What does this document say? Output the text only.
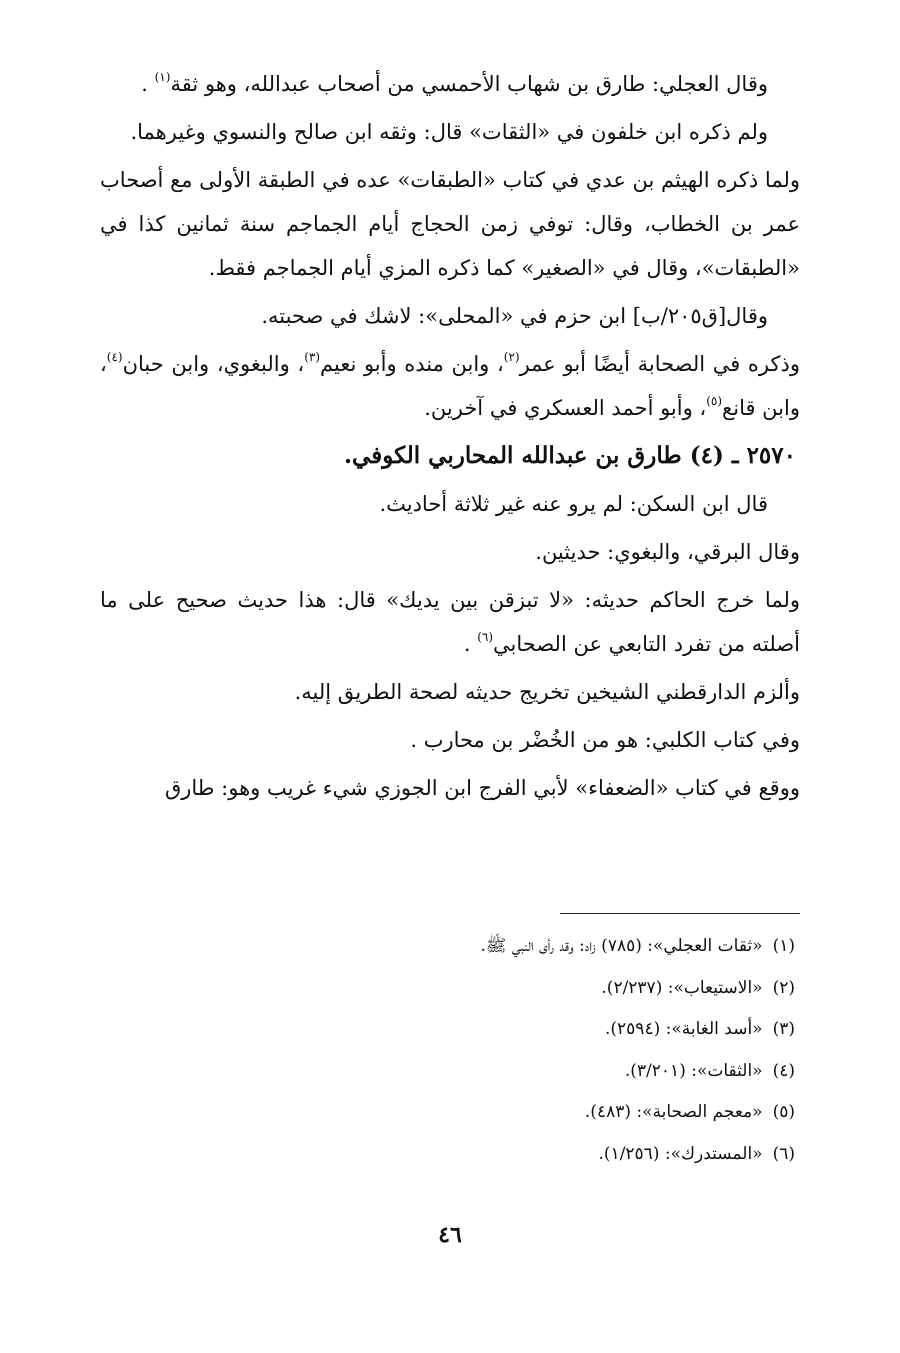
وقال العجلي: طارق بن شهاب الأحمسي من أصحاب عبدالله، وهو ثقة$^{(١)}$ .

ولم ذكره ابن خلفون في «الثقات» قال: وثقه ابن صالح والنسوي وغيرهما.

ولما ذكره الهيثم بن عدي في كتاب «الطبقات» عده في الطبقة الأولى مع أصحاب عمر بن الخطاب، وقال: توفي زمن الحجاج أيام الجماجم سنة ثمانين كذا في «الطبقات»، وقال في «الصغير» كما ذكره المزي أيام الجماجم فقط.

وقال[ق٢٠٥/ب] ابن حزم في «المحلى»: لاشك في صحبته.

وذكره في الصحابة أيضًا أبو عمر$^{(٢)}$، وابن منده وأبو نعيم$^{(٣)}$، والبغوي، وابن حبان$^{(٤)}$، وابن قانع$^{(٥)}$، وأبو أحمد العسكري في آخرين.

٢٥٧٠ ـ (٤) طارق بن عبدالله المحاربي الكوفي.

قال ابن السكن: لم يرو عنه غير ثلاثة أحاديث.

وقال البرقي، والبغوي: حديثين.

ولما خرج الحاكم حديثه: «لا تبزقن بين يديك» قال: هذا حديث صحيح على ما أصلته من تفرد التابعي عن الصحابي$^{(٦)}$ .

وألزم الدارقطني الشيخين تخريج حديثه لصحة الطريق إليه.

وفي كتاب الكلبي: هو من الخُضْر بن محارب .

ووقع في كتاب «الضعفاء» لأبي الفرج ابن الجوزي شيء غريب وهو: طارق

(١)
«ثقات العجلي»: (٧٨٥) زاد: وقد رأى النبي ﷺ.
(٢)
«الاستيعاب»: (٢/٢٣٧).
(٣)
«أسد الغابة»: (٢٥٩٤).
(٤)
«الثقات»: (٣/٢٠١).
(٥)
«معجم الصحابة»: (٤٨٣).
(٦)
«المستدرك»: (١/٢٥٦).
٤٦
